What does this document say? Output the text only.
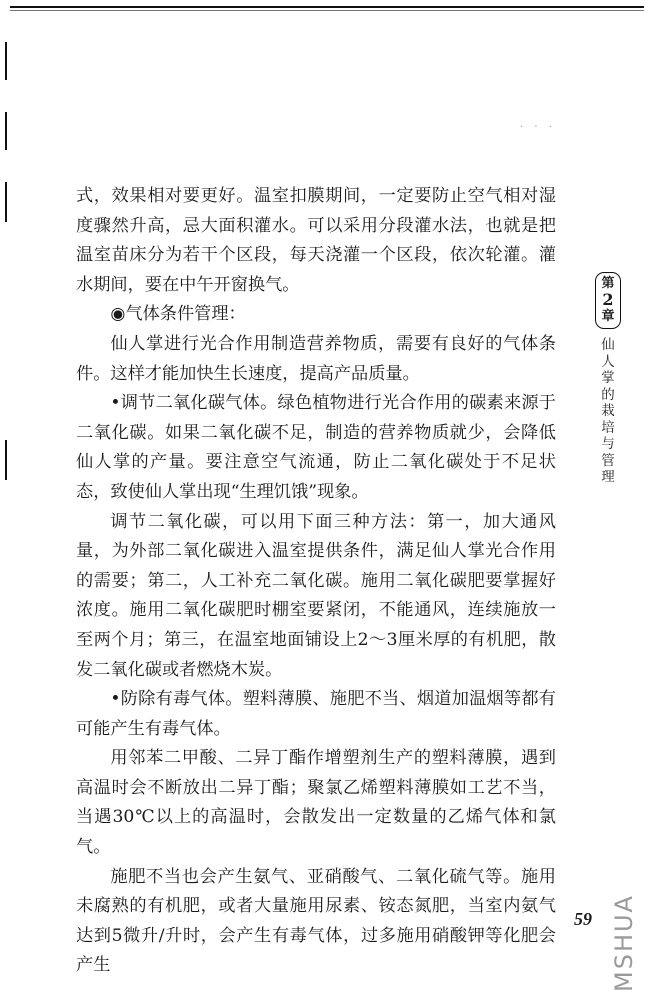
· · ·

式，效果相对要更好。温室扣膜期间，一定要防止空气相对湿度骤然升高，忌大面积灌水。可以采用分段灌水法，也就是把温室苗床分为若干个区段，每天浇灌一个区段，依次轮灌。灌水期间，要在中午开窗换气。

◉气体条件管理：

仙人掌进行光合作用制造营养物质，需要有良好的气体条件。这样才能加快生长速度，提高产品质量。

•调节二氧化碳气体。绿色植物进行光合作用的碳素来源于二氧化碳。如果二氧化碳不足，制造的营养物质就少，会降低仙人掌的产量。要注意空气流通，防止二氧化碳处于不足状态，致使仙人掌出现“生理饥饿”现象。

调节二氧化碳，可以用下面三种方法：第一，加大通风量，为外部二氧化碳进入温室提供条件，满足仙人掌光合作用的需要；第二，人工补充二氧化碳。施用二氧化碳肥要掌握好浓度。施用二氧化碳肥时棚室要紧闭，不能通风，连续施放一至两个月；第三，在温室地面铺设上2～3厘米厚的有机肥，散发二氧化碳或者燃烧木炭。

•防除有毒气体。塑料薄膜、施肥不当、烟道加温烟等都有可能产生有毒气体。

用邻苯二甲酸、二异丁酯作增塑剂生产的塑料薄膜，遇到高温时会不断放出二异丁酯；聚氯乙烯塑料薄膜如工艺不当，当遇30℃以上的高温时，会散发出一定数量的乙烯气体和氯气。

施肥不当也会产生氨气、亚硝酸气、二氧化硫气等。施用未腐熟的有机肥，或者大量施用尿素、铵态氮肥，当室内氨气达到5微升/升时，会产生有毒气体，过多施用硝酸钾等化肥会产生

第
2
章
仙
人
掌
的
栽
培
与
管
理
59 MSHUA
